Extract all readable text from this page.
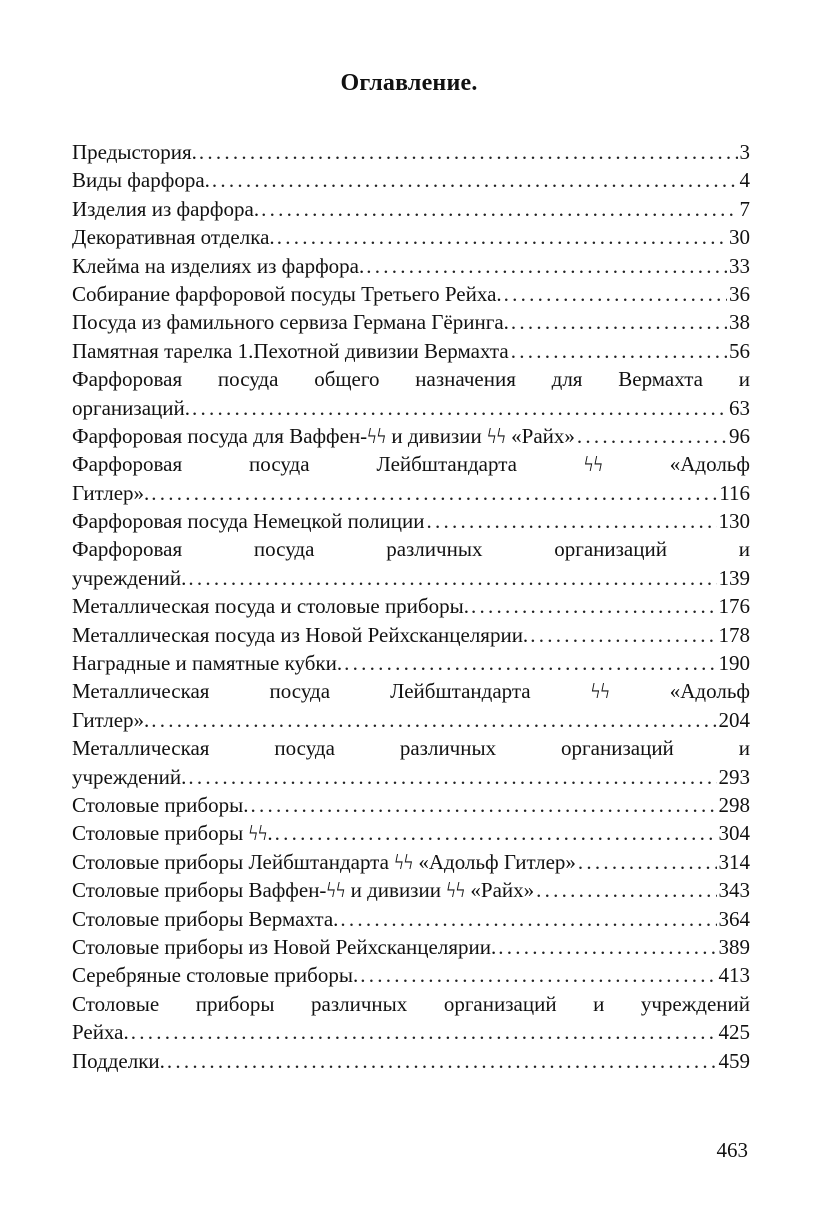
Оглавление.
Предыстория. . . .	3
Виды фарфора. . . .	4
Изделия из фарфора. . . .	7
Декоративная отделка. . . .	30
Клейма на изделиях из фарфора. . . .	33
Собирание фарфоровой посуды Третьего Рейха. . . .	36
Посуда из фамильного сервиза Германа Гёринга. . . .	38
Памятная тарелка 1.Пехотной дивизии Вермахта . . .	56
Фарфоровая посуда общего назначения для Вермахта и
организаций. . . .	63
Фарфоровая посуда для Ваффен-ϟϟ и дивизии ϟϟ «Райх» . . .	96
Фарфоровая посуда Лейбштандарта ϟϟ «Адольф
Гитлер». . . .	116
Фарфоровая посуда Немецкой полиции . . .	130
Фарфоровая посуда различных организаций и
учреждений. . . .	139
Металлическая посуда и столовые приборы. . . .	176
Металлическая посуда из Новой Рейхсканцелярии. . . .	178
Наградные и памятные кубки. . . .	190
Металлическая посуда Лейбштандарта ϟϟ «Адольф
Гитлер». . . .	204
Металлическая посуда различных организаций и
учреждений. . . .	293
Столовые приборы. . . .	298
Столовые приборы ϟϟ. . . .	304
Столовые приборы Лейбштандарта ϟϟ «Адольф Гитлер» . . .	314
Столовые приборы Ваффен-ϟϟ и дивизии ϟϟ «Райх» . . .	343
Столовые приборы Вермахта. . . .	364
Столовые приборы из Новой Рейхсканцелярии. . . .	389
Серебряные столовые приборы. . . .	413
Столовые приборы различных организаций и учреждений
Рейха. . . .	425
Подделки. . . .	459
463
